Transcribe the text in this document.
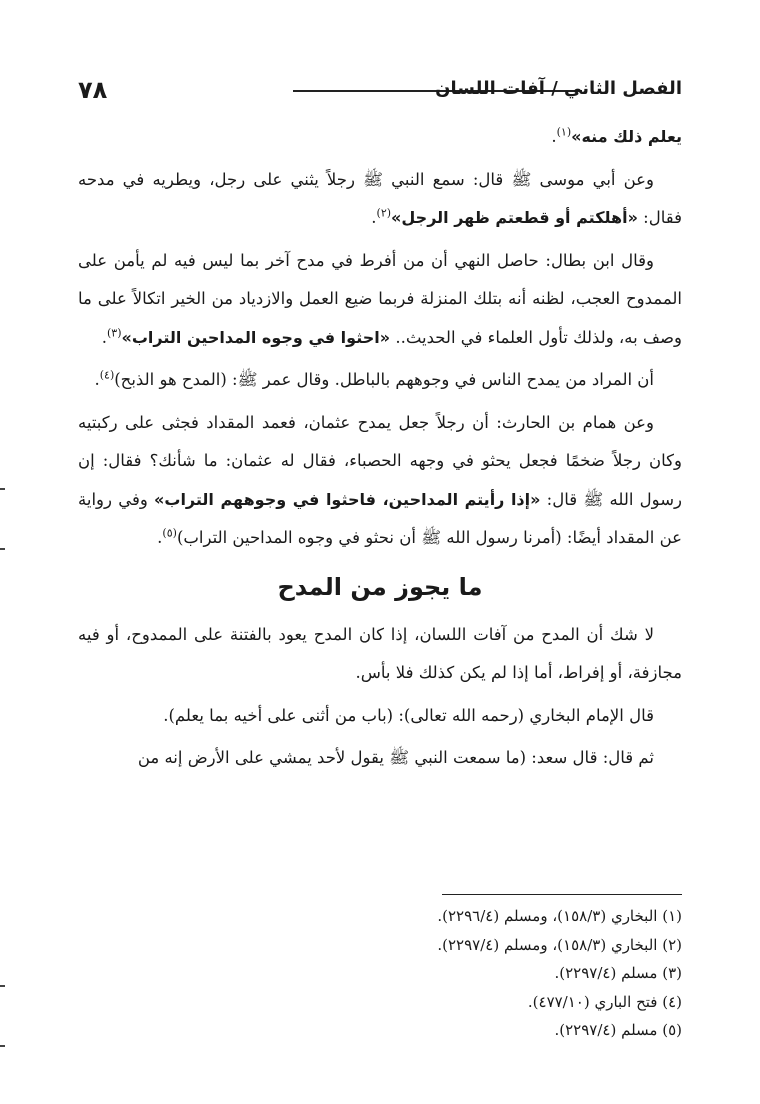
٧٨	الفصل الثاني / آفات اللسان

يعلم ذلك منه»$^{(١)}$.

وعن أبي موسى ﷺ قال: سمع النبي ﷺ رجلاً يثني على رجل، ويطريه في مدحه فقال: «أهلكتم أو قطعتم ظهر الرجل»$^{(٢)}$.

وقال ابن بطال: حاصل النهي أن من أفرط في مدح آخر بما ليس فيه لم يأمن على الممدوح العجب، لظنه أنه بتلك المنزلة فربما ضيع العمل والازدياد من الخير اتكالاً على ما وصف به، ولذلك تأول العلماء في الحديث.. «احثوا في وجوه المداحين التراب»$^{(٣)}$.

أن المراد من يمدح الناس في وجوههم بالباطل. وقال عمر ﷺ: (المدح هو الذبح)$^{(٤)}$.

وعن همام بن الحارث: أن رجلاً جعل يمدح عثمان، فعمد المقداد فجثى على ركبتيه وكان رجلاً ضخمًا فجعل يحثو في وجهه الحصباء، فقال له عثمان: ما شأنك؟ فقال: إن رسول الله ﷺ قال: «إذا رأيتم المداحين، فاحثوا في وجوههم التراب» وفي رواية عن المقداد أيضًا: (أمرنا رسول الله ﷺ أن نحثو في وجوه المداحين التراب)$^{(٥)}$.

ما يجوز من المدح

لا شك أن المدح من آفات اللسان، إذا كان المدح يعود بالفتنة على الممدوح، أو فيه مجازفة، أو إفراط، أما إذا لم يكن كذلك فلا بأس.

قال الإمام البخاري (رحمه الله تعالى): (باب من أثنى على أخيه بما يعلم).

ثم قال: قال سعد: (ما سمعت النبي ﷺ يقول لأحد يمشي على الأرض إنه من

(١) البخاري (١٥٨/٣)، ومسلم (٢٢٩٦/٤).

(٢) البخاري (١٥٨/٣)، ومسلم (٢٢٩٧/٤).

(٣) مسلم (٢٢٩٧/٤).

(٤) فتح الباري (٤٧٧/١٠).

(٥) مسلم (٢٢٩٧/٤).
